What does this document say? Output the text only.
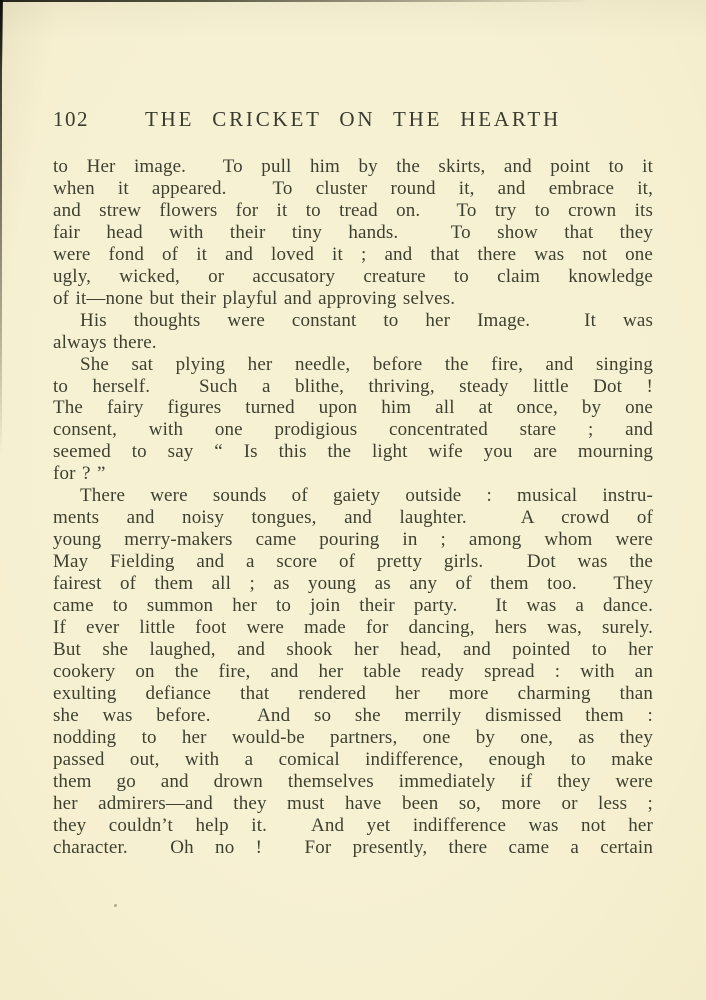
102	THE CRICKET ON THE HEARTH
to Her image.  To pull him by the skirts, and point to it
when it appeared.  To cluster round it, and embrace it,
and strew flowers for it to tread on.  To try to crown its
fair head with their tiny hands.  To show that they
were fond of it and loved it ; and that there was not one
ugly, wicked, or accusatory creature to claim knowledge
of it—none but their playful and approving selves.
His thoughts were constant to her Image.  It was
always there.
She sat plying her needle, before the fire, and singing
to herself.  Such a blithe, thriving, steady little Dot !
The fairy figures turned upon him all at once, by one
consent, with one prodigious concentrated stare ; and
seemed to say “ Is this the light wife you are mourning
for ? ”
There were sounds of gaiety outside : musical instru-
ments and noisy tongues, and laughter.  A crowd of
young merry-makers came pouring in ; among whom were
May Fielding and a score of pretty girls.  Dot was the
fairest of them all ; as young as any of them too.  They
came to summon her to join their party.  It was a dance.
If ever little foot were made for dancing, hers was, surely.
But she laughed, and shook her head, and pointed to her
cookery on the fire, and her table ready spread : with an
exulting defiance that rendered her more charming than
she was before.  And so she merrily dismissed them :
nodding to her would-be partners, one by one, as they
passed out, with a comical indifference, enough to make
them go and drown themselves immediately if they were
her admirers—and they must have been so, more or less ;
they couldn’t help it.  And yet indifference was not her
character.  Oh no !  For presently, there came a certain
